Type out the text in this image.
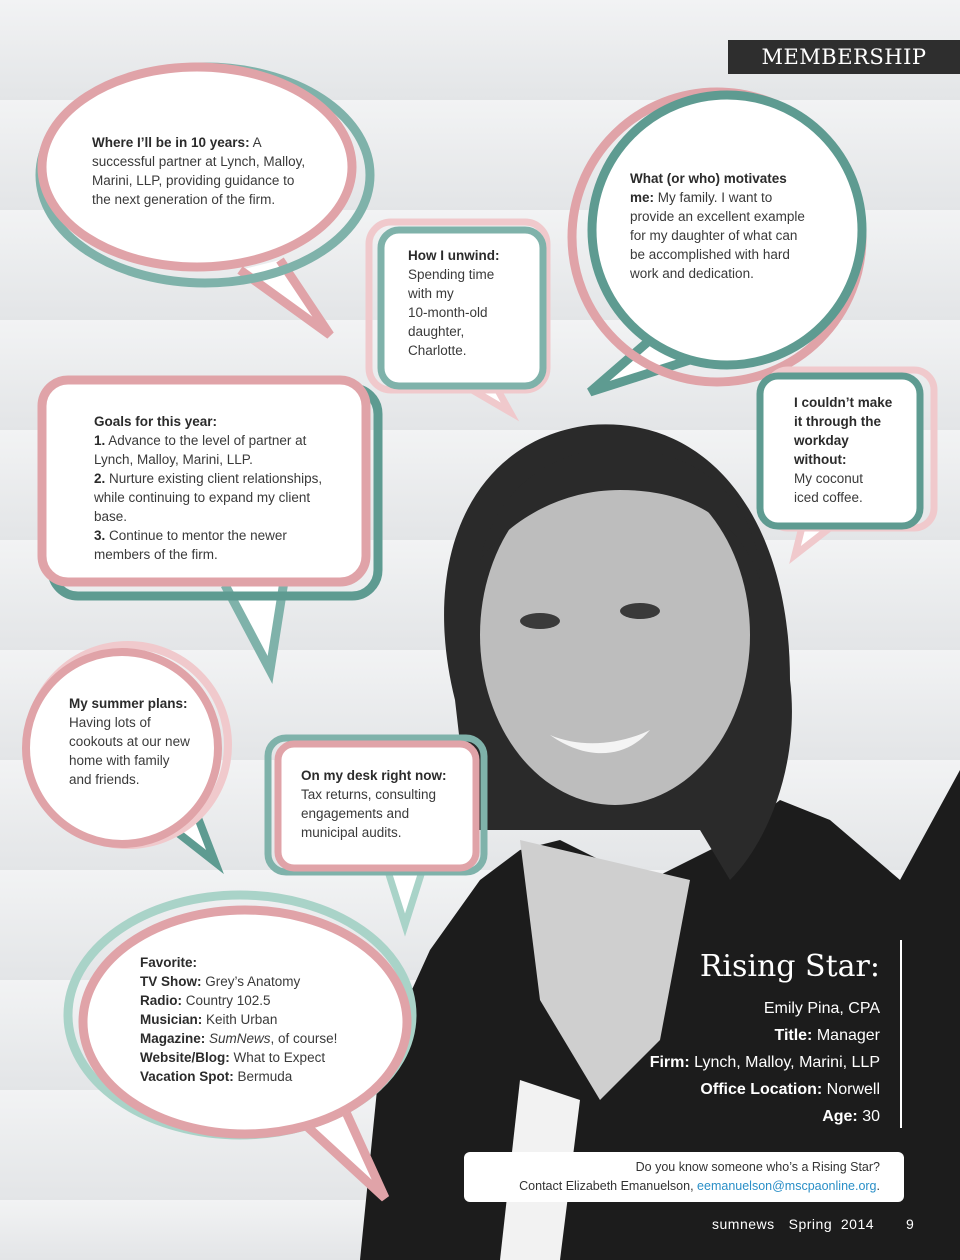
MEMBERSHIP
Where I’ll be in 10 years: A
successful partner at Lynch, Malloy,
Marini, LLP, providing guidance to
the next generation of the firm.
How I unwind:
Spending time
with my
10-month-old
daughter,
Charlotte.
What (or who) motivates
me: My family. I want to
provide an excellent example
for my daughter of what can
be accomplished with hard
work and dedication.
I couldn’t make
it through the
workday
without:
My coconut
iced coffee.
Goals for this year:
1. Advance to the level of partner at
Lynch, Malloy, Marini, LLP.
2. Nurture existing client relationships,
while continuing to expand my client
base.
3. Continue to mentor the newer
members of the firm.
My summer plans:
Having lots of
cookouts at our new
home with family
and friends.	On my desk right now:
Tax returns, consulting
engagements and
municipal audits.
Favorite:
TV Show: Grey’s Anatomy
Radio: Country 102.5
Musician: Keith Urban
Magazine: SumNews, of course!
Website/Blog: What to Expect
Vacation Spot: Bermuda
Rising Star:
Emily Pina, CPA
Title: Manager
Firm: Lynch, Malloy, Marini, LLP
Office Location: Norwell
Age: 30
Do you know someone who’s a Rising Star?
Contact Elizabeth Emanuelson, eemanuelson@mscpaonline.org.
sumnews Spring  2014 9
